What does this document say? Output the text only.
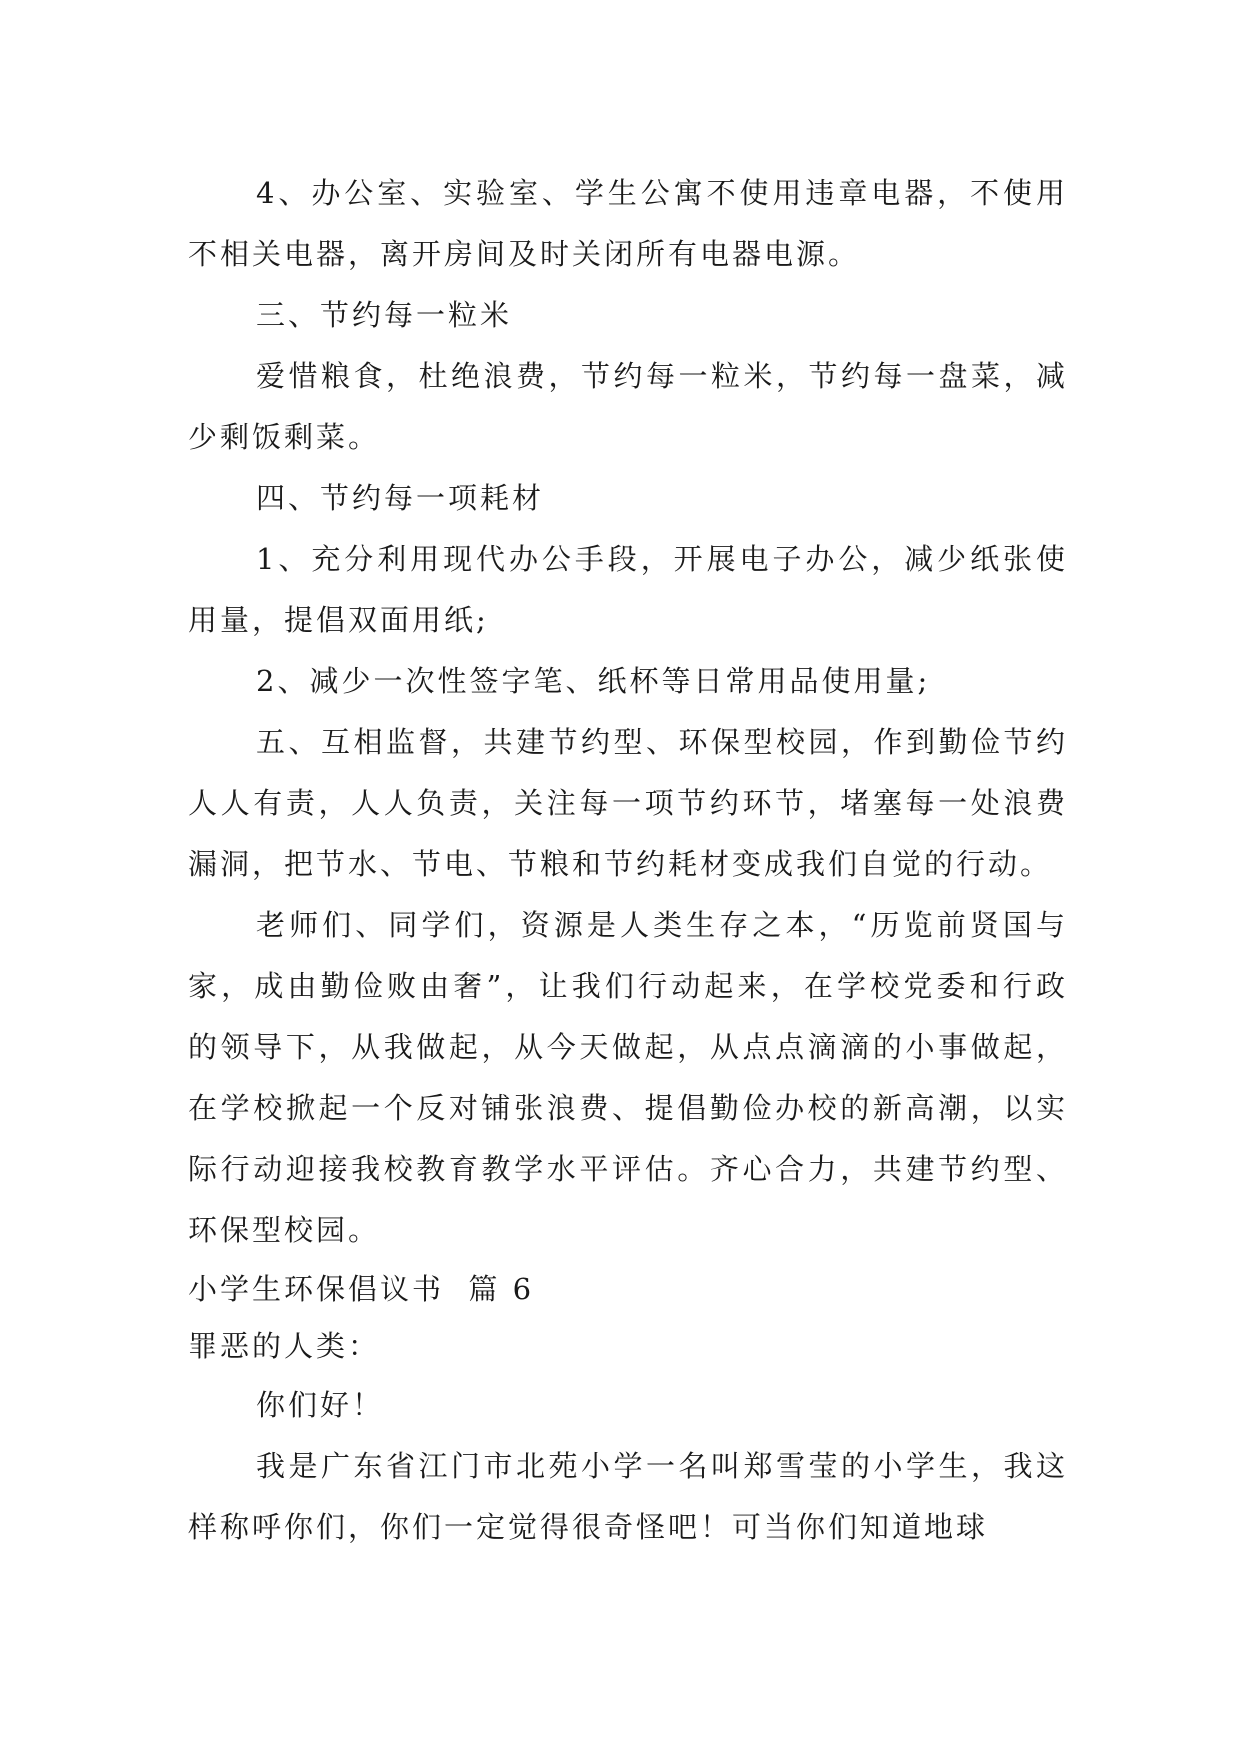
4、办公室、实验室、学生公寓不使用违章电器，不使用不相关电器，离开房间及时关闭所有电器电源。

三、节约每一粒米

爱惜粮食，杜绝浪费，节约每一粒米，节约每一盘菜，减少剩饭剩菜。

四、节约每一项耗材

1、充分利用现代办公手段，开展电子办公，减少纸张使用量，提倡双面用纸;

2、减少一次性签字笔、纸杯等日常用品使用量;

五、互相监督，共建节约型、环保型校园，作到勤俭节约人人有责，人人负责，关注每一项节约环节，堵塞每一处浪费漏洞，把节水、节电、节粮和节约耗材变成我们自觉的行动。

老师们、同学们，资源是人类生存之本，“历览前贤国与家，成由勤俭败由奢”，让我们行动起来，在学校党委和行政的领导下，从我做起，从今天做起，从点点滴滴的小事做起，在学校掀起一个反对铺张浪费、提倡勤俭办校的新高潮，以实际行动迎接我校教育教学水平评估。齐心合力，共建节约型、环保型校园。

小学生环保倡议书  篇 6

罪恶的人类：

你们好！

我是广东省江门市北苑小学一名叫郑雪莹的小学生，我这样称呼你们，你们一定觉得很奇怪吧！可当你们知道地球
